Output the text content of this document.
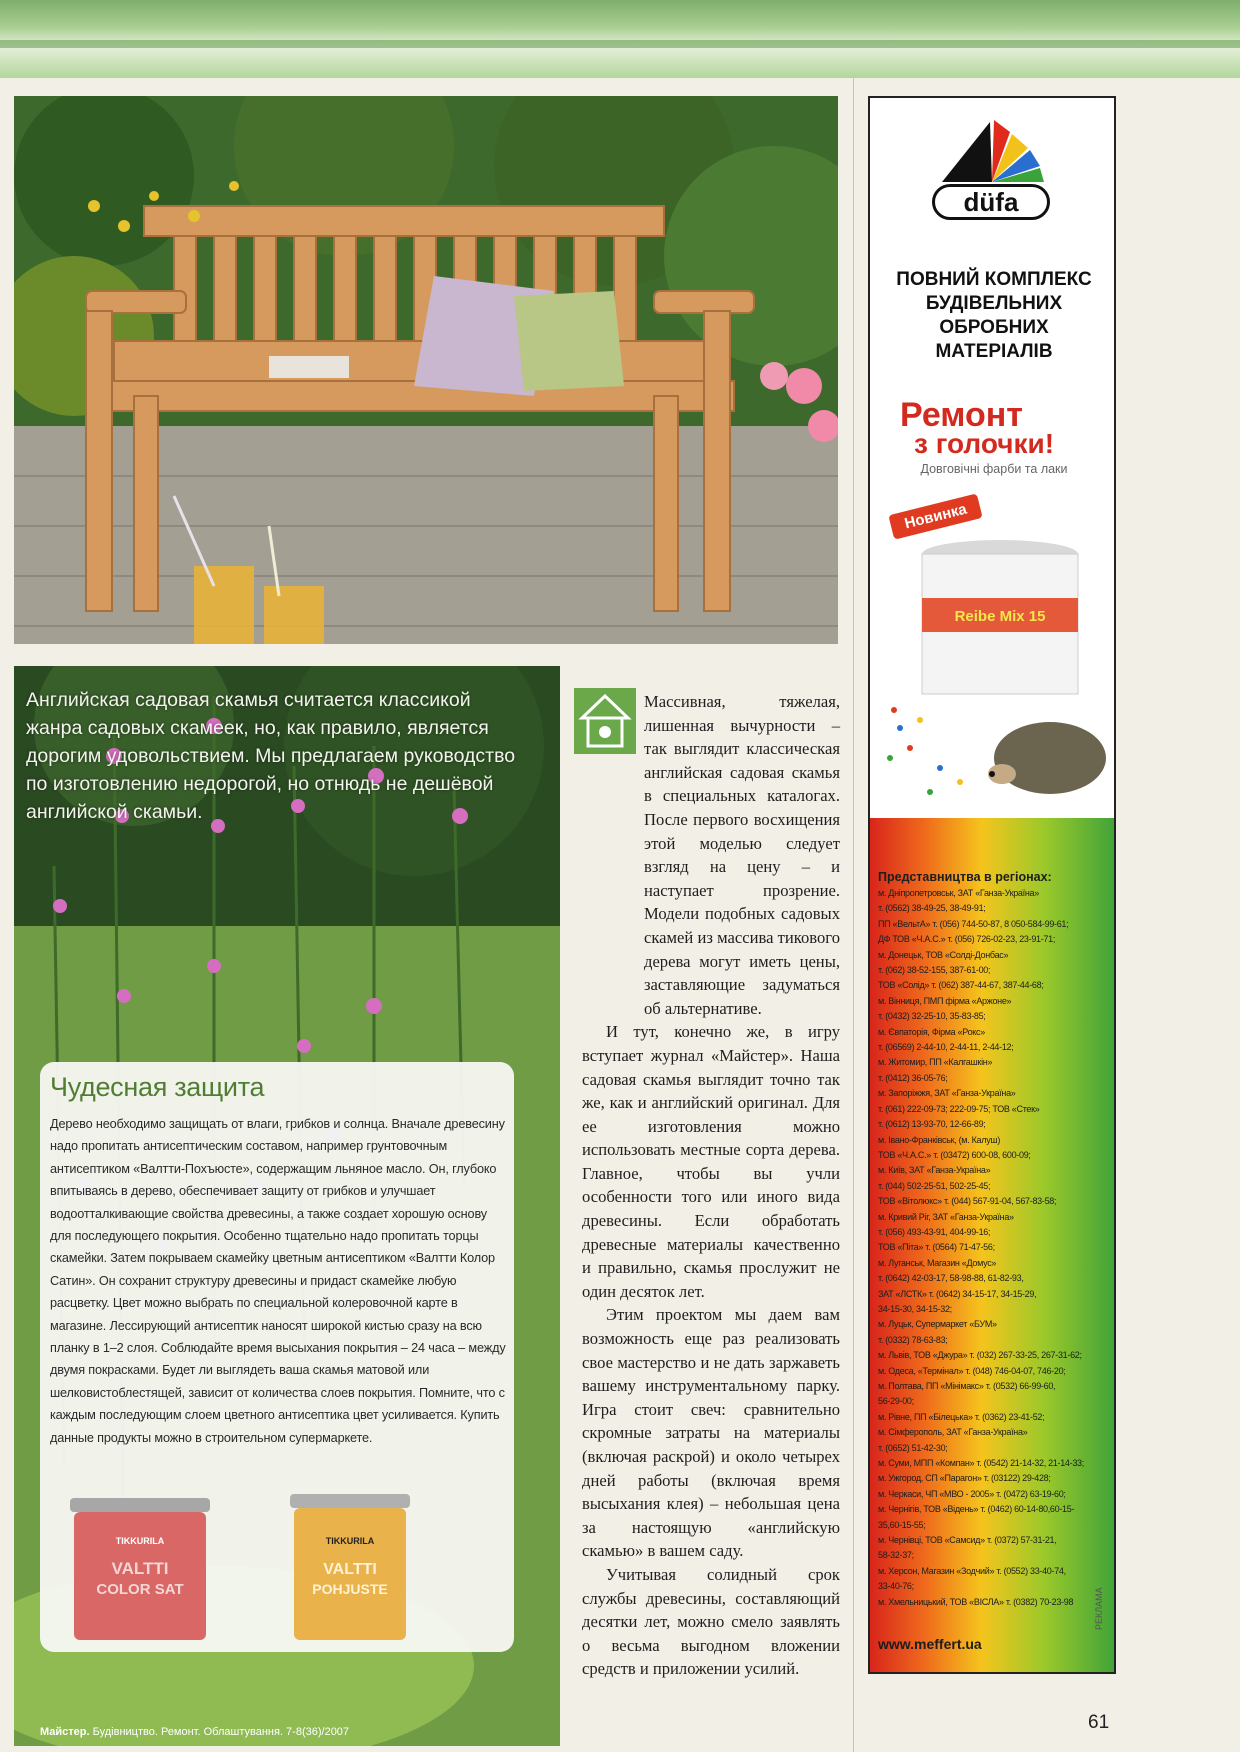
Английская садовая скамья считается классикой жанра садовых скамеек, но, как правило, является дорогим удовольствием. Мы предлагаем руководство по изготовлению недорогой, но отнюдь не дешёвой английской скамьи.
Чудесная защита

Дерево необходимо защищать от влаги, грибков и солнца. Вначале древесину надо пропитать антисептическим составом, например грунтовочным антисептиком «Валтти-Похъюсте», содержащим льняное масло. Он, глубоко впитываясь в дерево, обеспечивает защиту от грибков и улучшает водоотталкивающие свойства древесины, а также создает хорошую основу для последующего покрытия. Особенно тщательно надо пропитать торцы скамейки. Затем покрываем скамейку цветным антисептиком «Валтти Колор Сатин». Он сохранит структуру древесины и придаст скамейке любую расцветку. Цвет можно выбрать по специальной колеровочной карте в магазине. Лессирующий антисептик наносят широкой кистью сразу на всю планку в 1–2 слоя. Соблюдайте время высыхания покрытия – 24 часа – между двумя покрасками. Будет ли выглядеть ваша скамья матовой или шелковистоблестящей, зависит от количества слоев покрытия. Помните, что с каждым последующим слоем цветного антисептика цвет усиливается. Купить данные продукты можно в строительном супермаркете.

TIKKURILA
VALTTI
COLOR SAT
TIKKURILA
VALTTI
POHJUSTE
Майстер. Будівництво. Ремонт. Облаштування. 7-8(36)/2007

Массивная, тяжелая, лишенная вычурности – так выглядит классическая английская садовая скамья в специальных каталогах. После первого восхищения этой моделью следует взгляд на цену – и наступает прозрение. Модели подобных садовых скамей из массива тикового дерева могут иметь цены, заставляющие задуматься об альтернативе.

И тут, конечно же, в игру вступает журнал «Майстер». Наша садовая скамья выглядит точно так же, как и английский оригинал. Для ее изготовления можно использовать местные сорта дерева. Главное, чтобы вы учли особенности того или иного вида древесины. Если обработать древесные материалы качественно и правильно, скамья прослужит не один десяток лет.

Этим проектом мы даем вам возможность еще раз реализовать свое мастерство и не дать заржаветь вашему инструментальному парку. Игра стоит свеч: сравнительно скромные затраты на материалы (включая раскрой) и около четырех дней работы (включая время высыхания клея) – небольшая цена за настоящую «английскую скамью» в вашем саду.

Учитывая солидный срок службы древесины, составляющий десятки лет, можно смело заявлять о весьма выгодном вложении средств и приложении усилий.

düfa
ПОВНИЙ КОМПЛЕКС
БУДІВЕЛЬНИХ
ОБРОБНИХ
МАТЕРІАЛІВ
Ремонт
з голочки!
Довговічні фарби та лаки
Reibe Mix 15
Новинка
Представництва в регіонах:
м. Дніпропетровськ, ЗАТ «Ганза-Україна»
т. (0562) 38-49-25, 38-49-91;
ПП «ВельтА» т. (056) 744-50-87, 8 050-584-99-61;
ДФ ТОВ «Ч.А.С.» т. (056) 726-02-23, 23-91-71;
м. Донецьк, ТОВ «Солді-Донбас»
т. (062) 38-52-155, 387-61-00;
ТОВ «Солід» т. (062) 387-44-67, 387-44-68;
м. Вінниця, ПМП фірма «Аржоне»
т. (0432) 32-25-10, 35-83-85;
м. Євпаторія, Фірма «Рокс»
т. (06569) 2-44-10, 2-44-11, 2-44-12;
м. Житомир, ПП «Калгашкін»
т. (0412) 36-05-76;
м. Запоріжжя, ЗАТ «Ганза-Україна»
т. (061) 222-09-73; 222-09-75; ТОВ «Стек»
т. (0612) 13-93-70, 12-66-89;
м. Івано-Франківськ, (м. Калуш)
ТОВ «Ч.А.С.» т. (03472) 600-08, 600-09;
м. Київ, ЗАТ «Ганза-Україна»
т. (044) 502-25-51, 502-25-45;
ТОВ «Вітолюкс» т. (044) 567-91-04, 567-83-58;
м. Кривий Ріг, ЗАТ «Ганза-Україна»
т. (056) 493-43-91, 404-99-16;
ТОВ «Піта» т. (0564) 71-47-56;
м. Луганськ, Магазин «Домус»
т. (0642) 42-03-17, 58-98-88, 61-82-93,
ЗАТ «ЛСТК» т. (0642) 34-15-17, 34-15-29,
34-15-30, 34-15-32;
м. Луцьк, Супермаркет «БУМ»
т. (0332) 78-63-83;
м. Львів, ТОВ «Джура» т. (032) 267-33-25, 267-31-62;
м. Одеса, «Термінал» т. (048) 746-04-07, 746-20;
м. Полтава, ПП «Мінімакс» т. (0532) 66-99-60,
56-29-00;
м. Рівне, ПП «Білецька» т. (0362) 23-41-52;
м. Сімферополь, ЗАТ «Ганза-Україна»
т. (0652) 51-42-30;
м. Суми, МПП «Компан» т. (0542) 21-14-32, 21-14-33;
м. Ужгород, СП «Парагон» т. (03122) 29-428;
м. Черкаси, ЧП «МВО - 2005» т. (0472) 63-19-60;
м. Чернігів, ТОВ «Відень» т. (0462) 60-14-80,60-15-
35,60-15-55;
м. Чернівці, ТОВ «Самсид» т. (0372) 57-31-21,
58-32-37;
м. Херсон, Магазин «Зодчий» т. (0552) 33-40-74,
33-40-76;
м. Хмельницький, ТОВ «ВІСЛА» т. (0382) 70-23-98
www.meffert.ua
РЕКЛАМА
61
